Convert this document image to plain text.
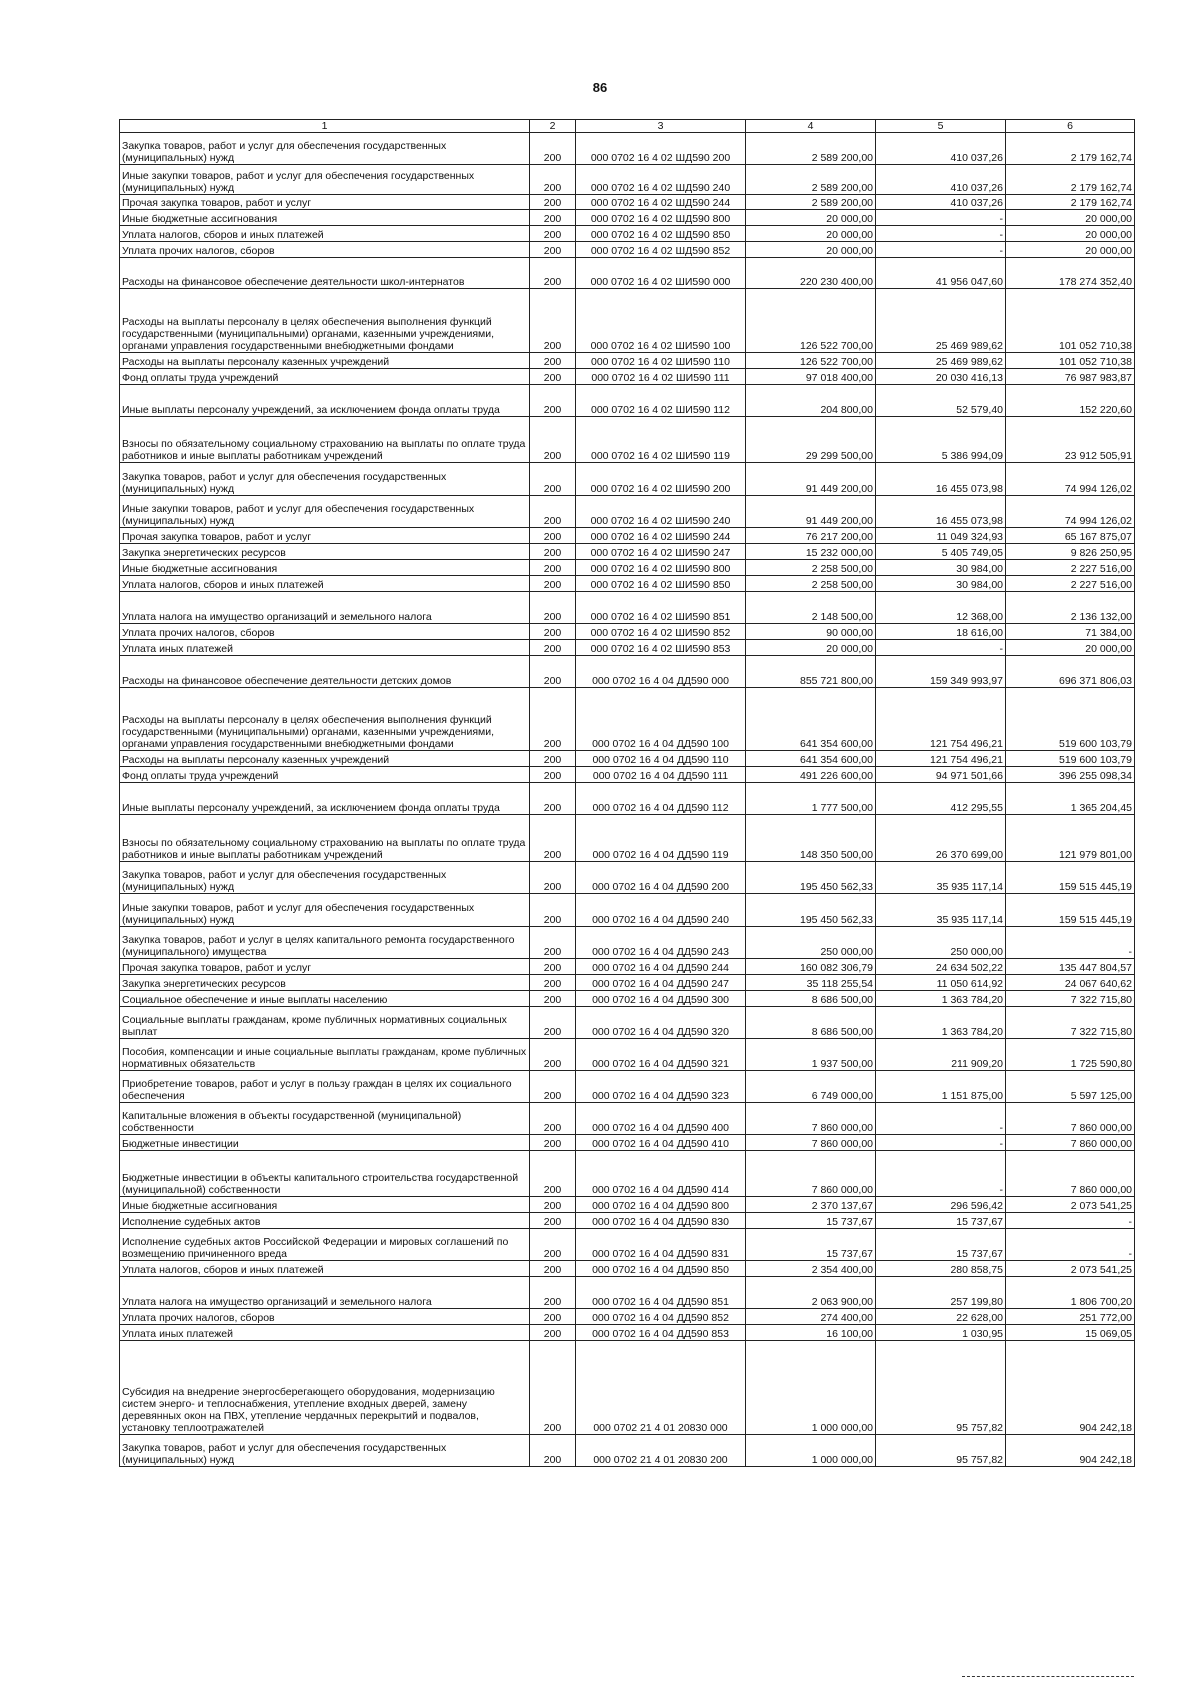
86
1	2	3	4	5	6
Закупка товаров, работ и услуг для обеспечения государственных (муниципальных) нужд	200	000 0702 16 4 02 ШД590 200	2 589 200,00	410 037,26	2 179 162,74
Иные закупки товаров, работ и услуг для обеспечения государственных (муниципальных) нужд	200	000 0702 16 4 02 ШД590 240	2 589 200,00	410 037,26	2 179 162,74
Прочая закупка товаров, работ и услуг	200	000 0702 16 4 02 ШД590 244	2 589 200,00	410 037,26	2 179 162,74
Иные бюджетные ассигнования	200	000 0702 16 4 02 ШД590 800	20 000,00	-	20 000,00
Уплата налогов, сборов и иных платежей	200	000 0702 16 4 02 ШД590 850	20 000,00	-	20 000,00
Уплата прочих налогов, сборов	200	000 0702 16 4 02 ШД590 852	20 000,00	-	20 000,00
Расходы на финансовое обеспечение деятельности школ-интернатов	200	000 0702 16 4 02 ШИ590 000	220 230 400,00	41 956 047,60	178 274 352,40
Расходы на выплаты персоналу в целях обеспечения выполнения функций государственными (муниципальными) органами, казенными учреждениями, органами управления государственными внебюджетными фондами	200	000 0702 16 4 02 ШИ590 100	126 522 700,00	25 469 989,62	101 052 710,38
Расходы на выплаты персоналу казенных учреждений	200	000 0702 16 4 02 ШИ590 110	126 522 700,00	25 469 989,62	101 052 710,38
Фонд оплаты труда учреждений	200	000 0702 16 4 02 ШИ590 111	97 018 400,00	20 030 416,13	76 987 983,87
Иные выплаты персоналу учреждений, за исключением фонда оплаты труда	200	000 0702 16 4 02 ШИ590 112	204 800,00	52 579,40	152 220,60
Взносы по обязательному социальному страхованию на выплаты по оплате труда работников и иные выплаты работникам учреждений	200	000 0702 16 4 02 ШИ590 119	29 299 500,00	5 386 994,09	23 912 505,91
Закупка товаров, работ и услуг для обеспечения государственных (муниципальных) нужд	200	000 0702 16 4 02 ШИ590 200	91 449 200,00	16 455 073,98	74 994 126,02
Иные закупки товаров, работ и услуг для обеспечения государственных (муниципальных) нужд	200	000 0702 16 4 02 ШИ590 240	91 449 200,00	16 455 073,98	74 994 126,02
Прочая закупка товаров, работ и услуг	200	000 0702 16 4 02 ШИ590 244	76 217 200,00	11 049 324,93	65 167 875,07
Закупка энергетических ресурсов	200	000 0702 16 4 02 ШИ590 247	15 232 000,00	5 405 749,05	9 826 250,95
Иные бюджетные ассигнования	200	000 0702 16 4 02 ШИ590 800	2 258 500,00	30 984,00	2 227 516,00
Уплата налогов, сборов и иных платежей	200	000 0702 16 4 02 ШИ590 850	2 258 500,00	30 984,00	2 227 516,00
Уплата налога на имущество организаций и земельного налога	200	000 0702 16 4 02 ШИ590 851	2 148 500,00	12 368,00	2 136 132,00
Уплата прочих налогов, сборов	200	000 0702 16 4 02 ШИ590 852	90 000,00	18 616,00	71 384,00
Уплата иных платежей	200	000 0702 16 4 02 ШИ590 853	20 000,00	-	20 000,00
Расходы на финансовое обеспечение деятельности детских домов	200	000 0702 16 4 04 ДД590 000	855 721 800,00	159 349 993,97	696 371 806,03
Расходы на выплаты персоналу в целях обеспечения выполнения функций государственными (муниципальными) органами, казенными учреждениями, органами управления государственными внебюджетными фондами	200	000 0702 16 4 04 ДД590 100	641 354 600,00	121 754 496,21	519 600 103,79
Расходы на выплаты персоналу казенных учреждений	200	000 0702 16 4 04 ДД590 110	641 354 600,00	121 754 496,21	519 600 103,79
Фонд оплаты труда учреждений	200	000 0702 16 4 04 ДД590 111	491 226 600,00	94 971 501,66	396 255 098,34
Иные выплаты персоналу учреждений, за исключением фонда оплаты труда	200	000 0702 16 4 04 ДД590 112	1 777 500,00	412 295,55	1 365 204,45
Взносы по обязательному социальному страхованию на выплаты по оплате труда работников и иные выплаты работникам учреждений	200	000 0702 16 4 04 ДД590 119	148 350 500,00	26 370 699,00	121 979 801,00
Закупка товаров, работ и услуг для обеспечения государственных (муниципальных) нужд	200	000 0702 16 4 04 ДД590 200	195 450 562,33	35 935 117,14	159 515 445,19
Иные закупки товаров, работ и услуг для обеспечения государственных (муниципальных) нужд	200	000 0702 16 4 04 ДД590 240	195 450 562,33	35 935 117,14	159 515 445,19
Закупка товаров, работ и услуг в целях капитального ремонта государственного (муниципального) имущества	200	000 0702 16 4 04 ДД590 243	250 000,00	250 000,00	-
Прочая закупка товаров, работ и услуг	200	000 0702 16 4 04 ДД590 244	160 082 306,79	24 634 502,22	135 447 804,57
Закупка энергетических ресурсов	200	000 0702 16 4 04 ДД590 247	35 118 255,54	11 050 614,92	24 067 640,62
Социальное обеспечение и иные выплаты населению	200	000 0702 16 4 04 ДД590 300	8 686 500,00	1 363 784,20	7 322 715,80
Социальные выплаты гражданам, кроме публичных нормативных социальных выплат	200	000 0702 16 4 04 ДД590 320	8 686 500,00	1 363 784,20	7 322 715,80
Пособия, компенсации и иные социальные выплаты гражданам, кроме публичных нормативных обязательств	200	000 0702 16 4 04 ДД590 321	1 937 500,00	211 909,20	1 725 590,80
Приобретение товаров, работ и услуг в пользу граждан в целях их социального обеспечения	200	000 0702 16 4 04 ДД590 323	6 749 000,00	1 151 875,00	5 597 125,00
Капитальные вложения в объекты государственной (муниципальной) собственности	200	000 0702 16 4 04 ДД590 400	7 860 000,00	-	7 860 000,00
Бюджетные инвестиции	200	000 0702 16 4 04 ДД590 410	7 860 000,00	-	7 860 000,00
Бюджетные инвестиции в объекты капитального строительства государственной (муниципальной) собственности	200	000 0702 16 4 04 ДД590 414	7 860 000,00	-	7 860 000,00
Иные бюджетные ассигнования	200	000 0702 16 4 04 ДД590 800	2 370 137,67	296 596,42	2 073 541,25
Исполнение судебных актов	200	000 0702 16 4 04 ДД590 830	15 737,67	15 737,67	-
Исполнение судебных актов Российской Федерации и мировых соглашений по возмещению причиненного вреда	200	000 0702 16 4 04 ДД590 831	15 737,67	15 737,67	-
Уплата налогов, сборов и иных платежей	200	000 0702 16 4 04 ДД590 850	2 354 400,00	280 858,75	2 073 541,25
Уплата налога на имущество организаций и земельного налога	200	000 0702 16 4 04 ДД590 851	2 063 900,00	257 199,80	1 806 700,20
Уплата прочих налогов, сборов	200	000 0702 16 4 04 ДД590 852	274 400,00	22 628,00	251 772,00
Уплата иных платежей	200	000 0702 16 4 04 ДД590 853	16 100,00	1 030,95	15 069,05
Субсидия на внедрение энергосберегающего оборудования, модернизацию систем энерго- и теплоснабжения, утепление входных дверей, замену деревянных окон на ПВХ, утепление чердачных перекрытий и подвалов, установку теплоотражателей	200	000 0702 21 4 01 20830 000	1 000 000,00	95 757,82	904 242,18
Закупка товаров, работ и услуг для обеспечения государственных (муниципальных) нужд	200	000 0702 21 4 01 20830 200	1 000 000,00	95 757,82	904 242,18
